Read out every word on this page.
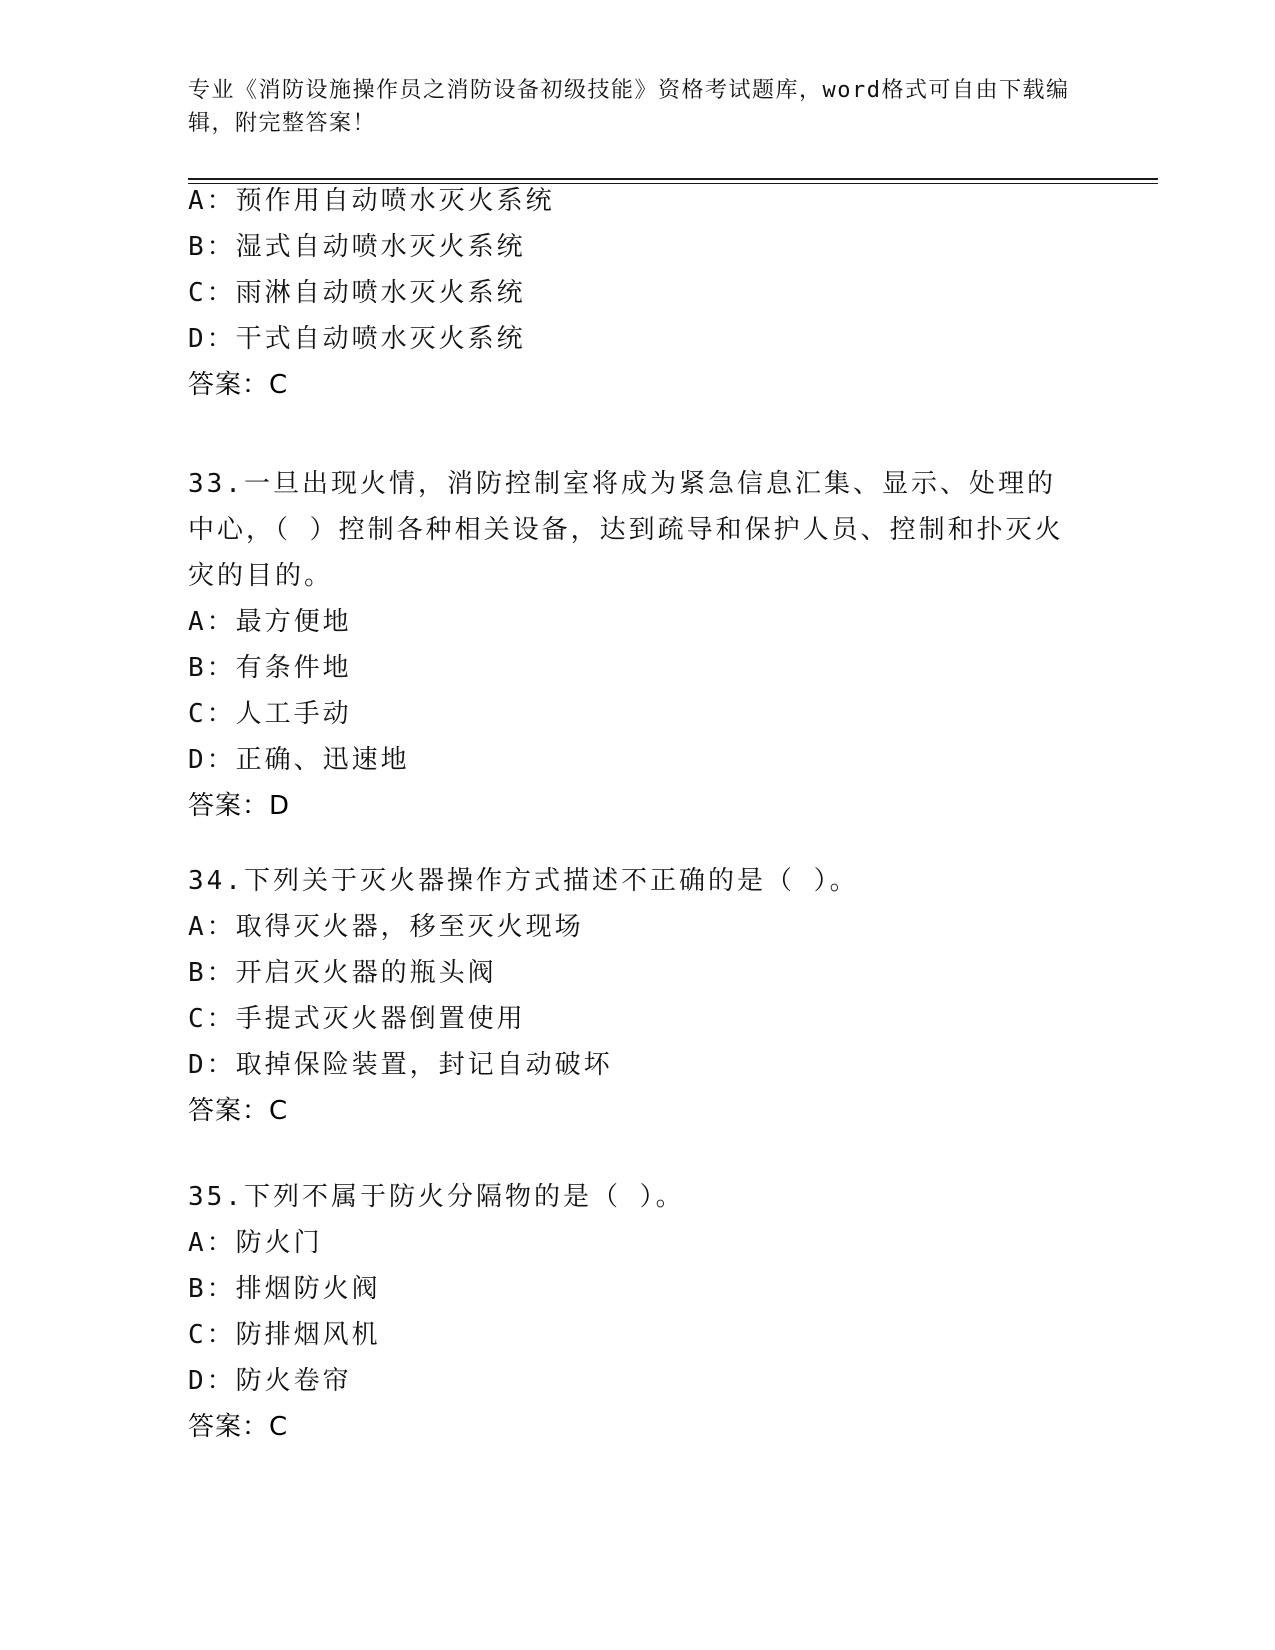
专业《消防设施操作员之消防设备初级技能》资格考试题库，word格式可自由下载编辑，附完整答案！

A：预作用自动喷水灭火系统

B：湿式自动喷水灭火系统

C：雨淋自动喷水灭火系统

D：干式自动喷水灭火系统

答案：C

33.一旦出现火情，消防控制室将成为紧急信息汇集、显示、处理的中心，（ ）控制各种相关设备，达到疏导和保护人员、控制和扑灭火灾的目的。

A：最方便地

B：有条件地

C：人工手动

D：正确、迅速地

答案：D

34.下列关于灭火器操作方式描述不正确的是（ ）。

A：取得灭火器，移至灭火现场

B：开启灭火器的瓶头阀

C：手提式灭火器倒置使用

D：取掉保险装置，封记自动破坏

答案：C

35.下列不属于防火分隔物的是（ ）。

A：防火门

B：排烟防火阀

C：防排烟风机

D：防火卷帘

答案：C
